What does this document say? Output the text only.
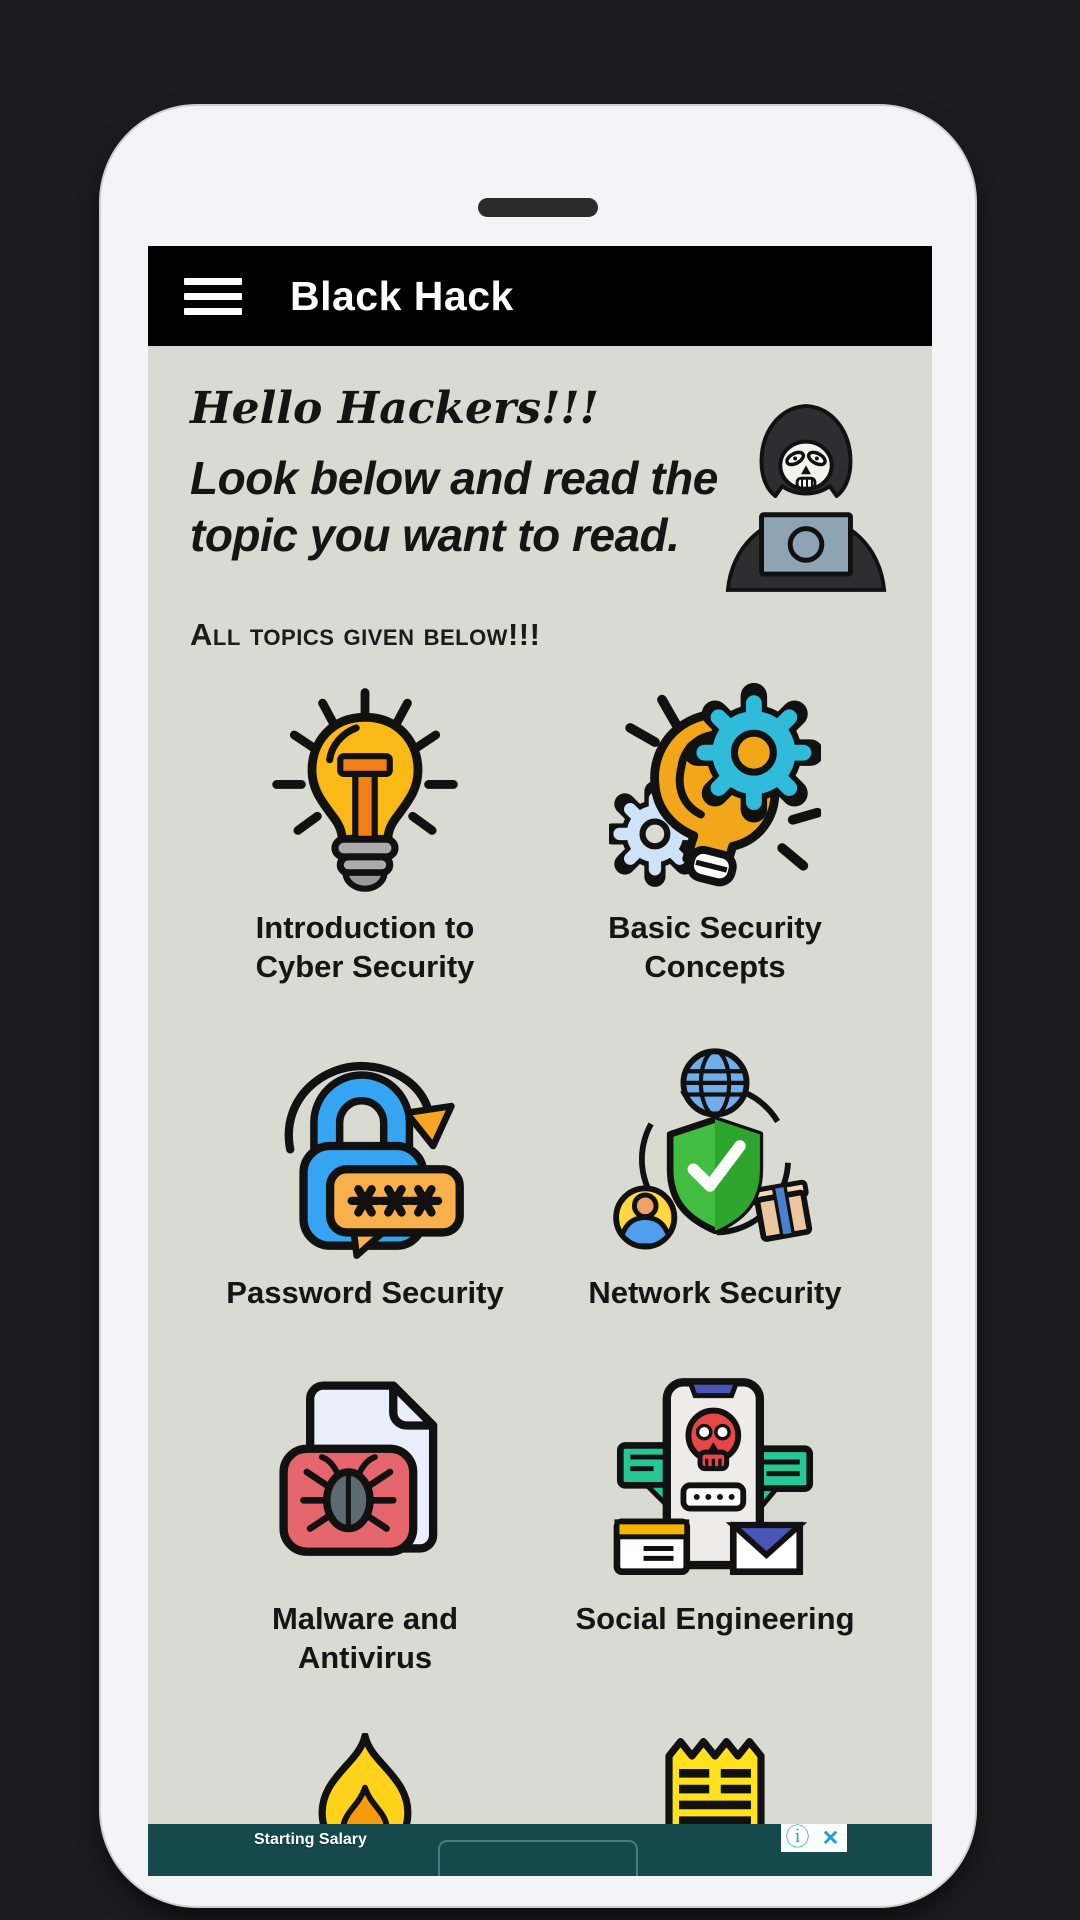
Black Hack
Hello Hackers!!!
Look below and read the topic you want to read.
All topics given below!!!
Introduction to Cyber Security
Basic Security Concepts
Password Security	Network Security
Malware and Antivirus
Social Engineering
Starting Salary	ⓘ ✕
